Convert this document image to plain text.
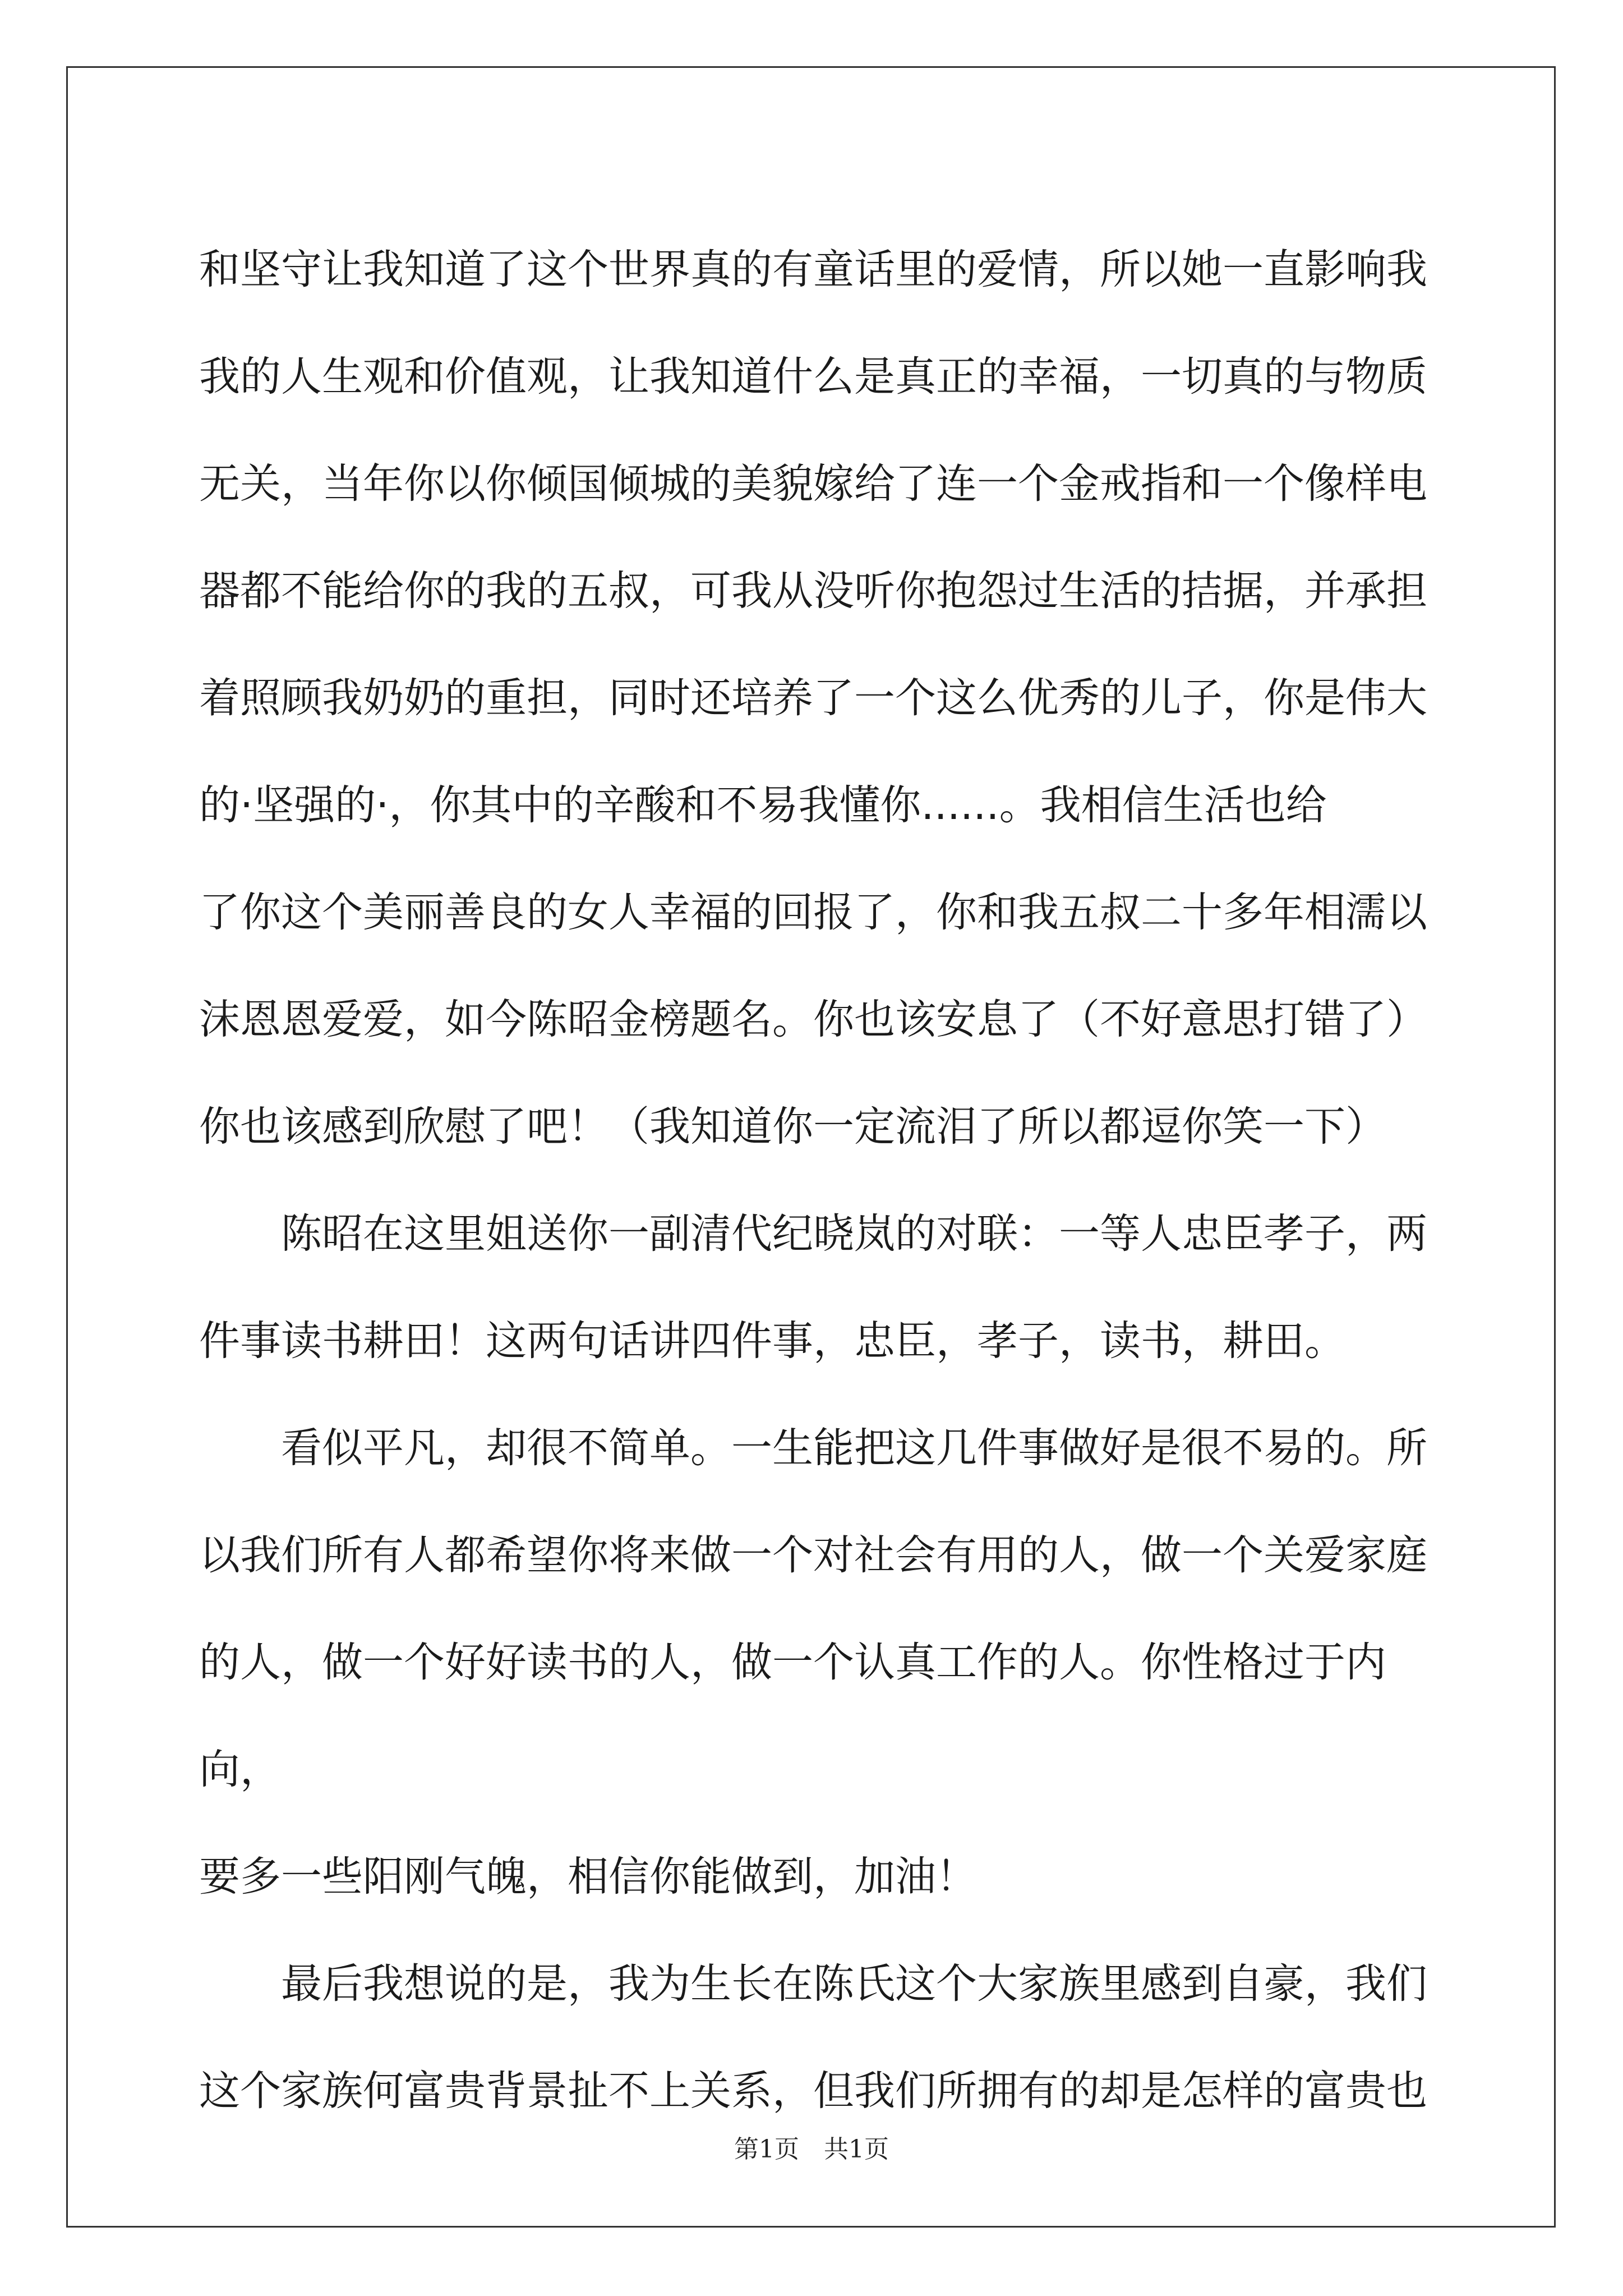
和坚守让我知道了这个世界真的有童话里的爱情，所以她一直影响我
我的人生观和价值观，让我知道什么是真正的幸福，一切真的与物质
无关，当年你以你倾国倾城的美貌嫁给了连一个金戒指和一个像样电
器都不能给你的我的五叔，可我从没听你抱怨过生活的拮据，并承担
着照顾我奶奶的重担，同时还培养了一个这么优秀的儿子，你是伟大
的·坚强的·，你其中的辛酸和不易我懂你......。我相信生活也给
了你这个美丽善良的女人幸福的回报了，你和我五叔二十多年相濡以
沫恩恩爱爱，如今陈昭金榜题名。你也该安息了（不好意思打错了）
你也该感到欣慰了吧！（我知道你一定流泪了所以都逗你笑一下）

陈昭在这里姐送你一副清代纪晓岚的对联：一等人忠臣孝子，两
件事读书耕田！这两句话讲四件事，忠臣，孝子，读书，耕田。

看似平凡，却很不简单。一生能把这几件事做好是很不易的。所
以我们所有人都希望你将来做一个对社会有用的人，做一个关爱家庭
的人，做一个好好读书的人，做一个认真工作的人。你性格过于内向，
要多一些阳刚气魄，相信你能做到，加油！

最后我想说的是，我为生长在陈氏这个大家族里感到自豪，我们
这个家族何富贵背景扯不上关系，但我们所拥有的却是怎样的富贵也

第1页　共1页
